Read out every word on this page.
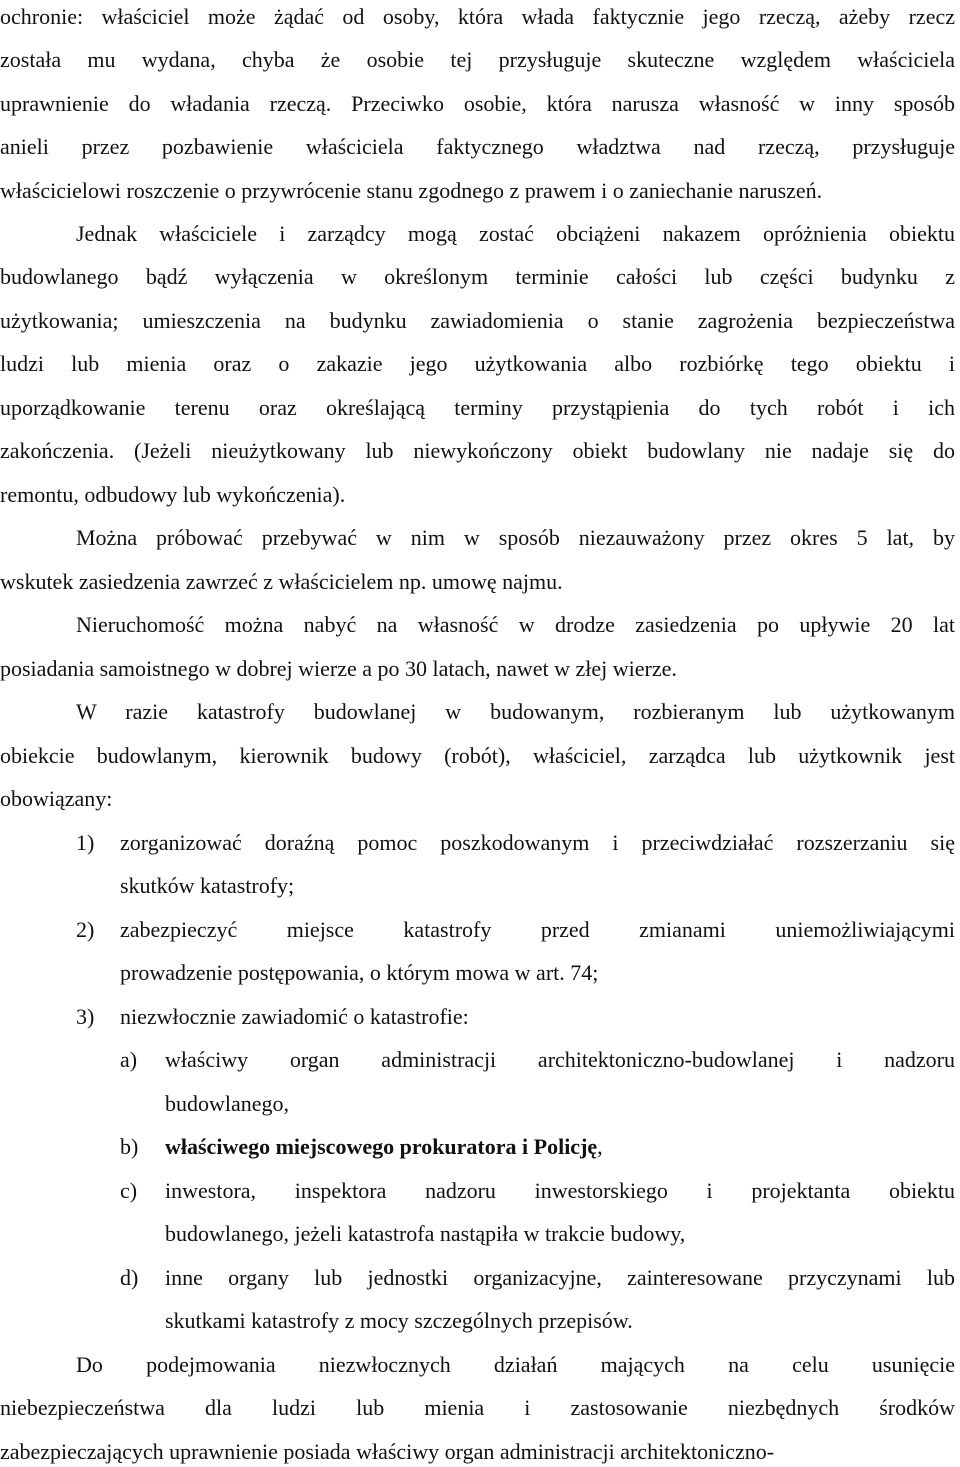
ochronie: właściciel może żądać od osoby, która włada faktycznie jego rzeczą, ażeby rzecz
została mu wydana, chyba że osobie tej przysługuje skuteczne względem właściciela
uprawnienie do władania rzeczą. Przeciwko osobie, która narusza własność w inny sposób
anieli przez pozbawienie właściciela faktycznego władztwa nad rzeczą, przysługuje
właścicielowi roszczenie o przywrócenie stanu zgodnego z prawem i o zaniechanie naruszeń.
Jednak właściciele i zarządcy mogą zostać obciążeni nakazem opróżnienia obiektu
budowlanego bądź wyłączenia w określonym terminie całości lub części budynku z
użytkowania; umieszczenia na budynku zawiadomienia o stanie zagrożenia bezpieczeństwa
ludzi lub mienia oraz o zakazie jego użytkowania albo rozbiórkę tego obiektu i
uporządkowanie terenu oraz określającą terminy przystąpienia do tych robót i ich
zakończenia. (Jeżeli nieużytkowany lub niewykończony obiekt budowlany nie nadaje się do
remontu, odbudowy lub wykończenia).
Można próbować przebywać w nim w sposób niezauważony przez okres 5 lat, by
wskutek zasiedzenia zawrzeć z właścicielem np. umowę najmu.
Nieruchomość można nabyć na własność w drodze zasiedzenia po upływie 20 lat
posiadania samoistnego w dobrej wierze a po 30 latach, nawet w złej wierze.
W razie katastrofy budowlanej w budowanym, rozbieranym lub użytkowanym
obiekcie budowlanym, kierownik budowy (robót), właściciel, zarządca lub użytkownik jest
obowiązany:
1) zorganizować doraźną pomoc poszkodowanym i przeciwdziałać rozszerzaniu się
skutków katastrofy;
2) zabezpieczyć miejsce katastrofy przed zmianami uniemożliwiającymi
prowadzenie postępowania, o którym mowa w art. 74;
3) niezwłocznie zawiadomić o katastrofie:
a) właściwy organ administracji architektoniczno-budowlanej i nadzoru
budowlanego,
b) właściwego miejscowego prokuratora i Policję,
c) inwestora, inspektora nadzoru inwestorskiego i projektanta obiektu
budowlanego, jeżeli katastrofa nastąpiła w trakcie budowy,
d) inne organy lub jednostki organizacyjne, zainteresowane przyczynami lub
skutkami katastrofy z mocy szczególnych przepisów.
Do podejmowania niezwłocznych działań mających na celu usunięcie
niebezpieczeństwa dla ludzi lub mienia i zastosowanie niezbędnych środków
zabezpieczających uprawnienie posiada właściwy organ administracji architektoniczno-
